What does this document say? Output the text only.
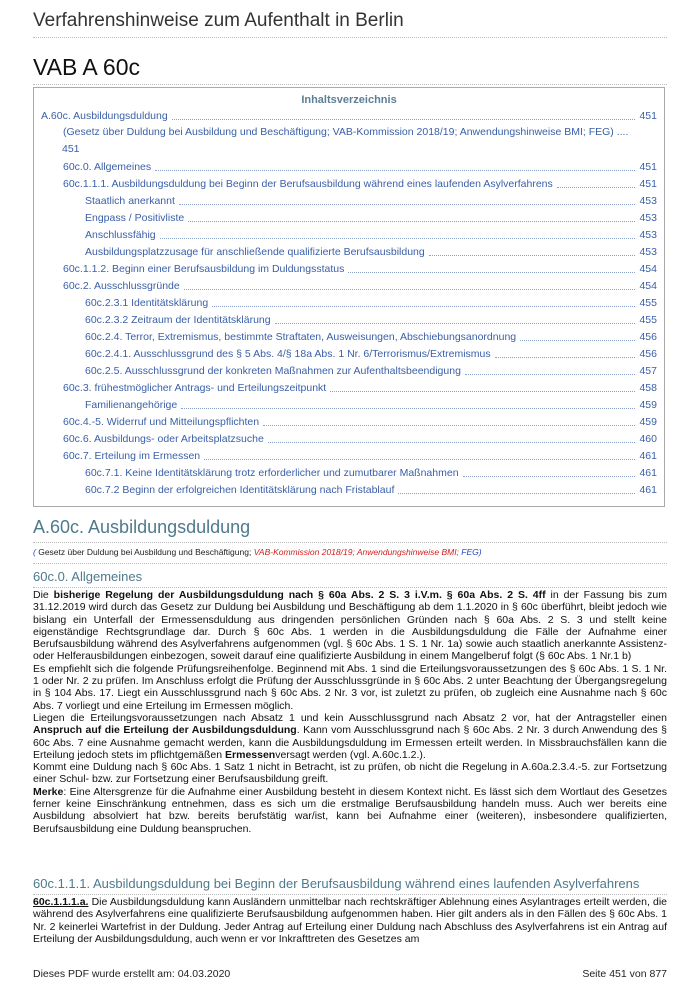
Verfahrenshinweise zum Aufenthalt in Berlin
VAB A 60c
Inhaltsverzeichnis
A.60c. Ausbildungsduldung	451
(Gesetz über Duldung bei Ausbildung und Beschäftigung; VAB-Kommission 2018/19; Anwendungshinweise BMI; FEG) ....
451
60c.0. Allgemeines	451
60c.1.1.1. Ausbildungsduldung bei Beginn der Berufsausbildung während eines laufenden Asylverfahrens	451
Staatlich anerkannt	453
Engpass / Positivliste	453
Anschlussfähig	453
Ausbildungsplatzzusage für anschließende qualifizierte Berufsausbildung	453
60c.1.1.2. Beginn einer Berufsausbildung im Duldungsstatus	454
60c.2. Ausschlussgründe	454
60c.2.3.1 Identitätsklärung	455
60c.2.3.2 Zeitraum der Identitätsklärung	455
60c.2.4. Terror, Extremismus, bestimmte Straftaten, Ausweisungen, Abschiebungsanordnung	456
60c.2.4.1. Ausschlussgrund des § 5 Abs. 4/§ 18a Abs. 1 Nr. 6/Terrorismus/Extremismus	456
60c.2.5. Ausschlussgrund der konkreten Maßnahmen zur Aufenthaltsbeendigung	457
60c.3. frühestmöglicher Antrags- und Erteilungszeitpunkt	458
Familienangehörige	459
60c.4.-5. Widerruf und Mitteilungspflichten	459
60c.6. Ausbildungs- oder Arbeitsplatzsuche	460
60c.7. Erteilung im Ermessen	461
60c.7.1. Keine Identitätsklärung trotz erforderlicher und zumutbarer Maßnahmen	461
60c.7.2 Beginn der erfolgreichen Identitätsklärung nach Fristablauf	461
A.60c. Ausbildungsduldung
( Gesetz über Duldung bei Ausbildung und Beschäftigung; VAB-Kommission 2018/19; Anwendungshinweise BMI; FEG)
60c.0. Allgemeines

Die bisherige Regelung der Ausbildungsduldung nach § 60a Abs. 2 S. 3 i.V.m. § 60a Abs. 2 S. 4ff in der Fassung bis zum 31.12.2019 wird durch das Gesetz zur Duldung bei Ausbildung und Beschäftigung ab dem 1.1.2020 in § 60c überführt, bleibt jedoch wie bislang ein Unterfall der Ermessensduldung aus dringenden persönlichen Gründen nach § 60a Abs. 2 S. 3 und stellt keine eigenständige Rechtsgrundlage dar. Durch § 60c Abs. 1 werden in die Ausbildungsduldung die Fälle der Aufnahme einer Berufsausbildung während des Asylverfahrens aufgenommen (vgl. § 60c Abs. 1 S. 1 Nr. 1a) sowie auch staatlich anerkannte Assistenz- oder Helferausbildungen einbezogen, soweit darauf eine qualifizierte Ausbildung in einem Mangelberuf folgt (§ 60c Abs. 1 Nr.1 b)

Es empfiehlt sich die folgende Prüfungsreihenfolge. Beginnend mit Abs. 1 sind die Erteilungsvoraussetzungen des § 60c Abs. 1 S. 1 Nr. 1 oder Nr. 2 zu prüfen. Im Anschluss erfolgt die Prüfung der Ausschlussgründe in § 60c Abs. 2 unter Beachtung der Übergangsregelung in § 104 Abs. 17. Liegt ein Ausschlussgrund nach § 60c Abs. 2 Nr. 3 vor, ist zuletzt zu prüfen, ob zugleich eine Ausnahme nach § 60c Abs. 7 vorliegt und eine Erteilung im Ermessen möglich.

Liegen die Erteilungsvoraussetzungen nach Absatz 1 und kein Ausschlussgrund nach Absatz 2 vor, hat der Antragsteller einen Anspruch auf die Erteilung der Ausbildungsduldung. Kann vom Ausschlussgrund nach § 60c Abs. 2 Nr. 3 durch Anwendung des § 60c Abs. 7 eine Ausnahme gemacht werden, kann die Ausbildungsduldung im Ermessen erteilt werden. In Missbrauchsfällen kann die Erteilung jedoch stets im pflichtgemäßen Ermessenversagt werden (vgl. A.60c.1.2.).

Kommt eine Duldung nach § 60c Abs. 1 Satz 1 nicht in Betracht, ist zu prüfen, ob nicht die Regelung in A.60a.2.3.4.-5. zur Fortsetzung einer Schul- bzw. zur Fortsetzung einer Berufsausbildung greift.

Merke: Eine Altersgrenze für die Aufnahme einer Ausbildung besteht in diesem Kontext nicht. Es lässt sich dem Wortlaut des Gesetzes ferner keine Einschränkung entnehmen, dass es sich um die erstmalige Berufsausbildung handeln muss. Auch wer bereits eine Ausbildung absolviert hat bzw. bereits berufstätig war/ist, kann bei Aufnahme einer (weiteren), insbesondere qualifizierten, Berufsausbildung eine Duldung beanspruchen.

60c.1.1.1. Ausbildungsduldung bei Beginn der Berufsausbildung während eines laufenden Asylverfahrens

60c.1.1.1.a. Die Ausbildungsduldung kann Ausländern unmittelbar nach rechtskräftiger Ablehnung eines Asylantrages erteilt werden, die während des Asylverfahrens eine qualifizierte Berufsausbildung aufgenommen haben. Hier gilt anders als in den Fällen des § 60c Abs. 1 Nr. 2 keinerlei Wartefrist in der Duldung. Jeder Antrag auf Erteilung einer Duldung nach Abschluss des Asylverfahrens ist ein Antrag auf Erteilung der Ausbildungsduldung, auch wenn er vor Inkrafttreten des Gesetzes am

Dieses PDF wurde erstellt am: 04.03.2020	Seite 451 von 877
